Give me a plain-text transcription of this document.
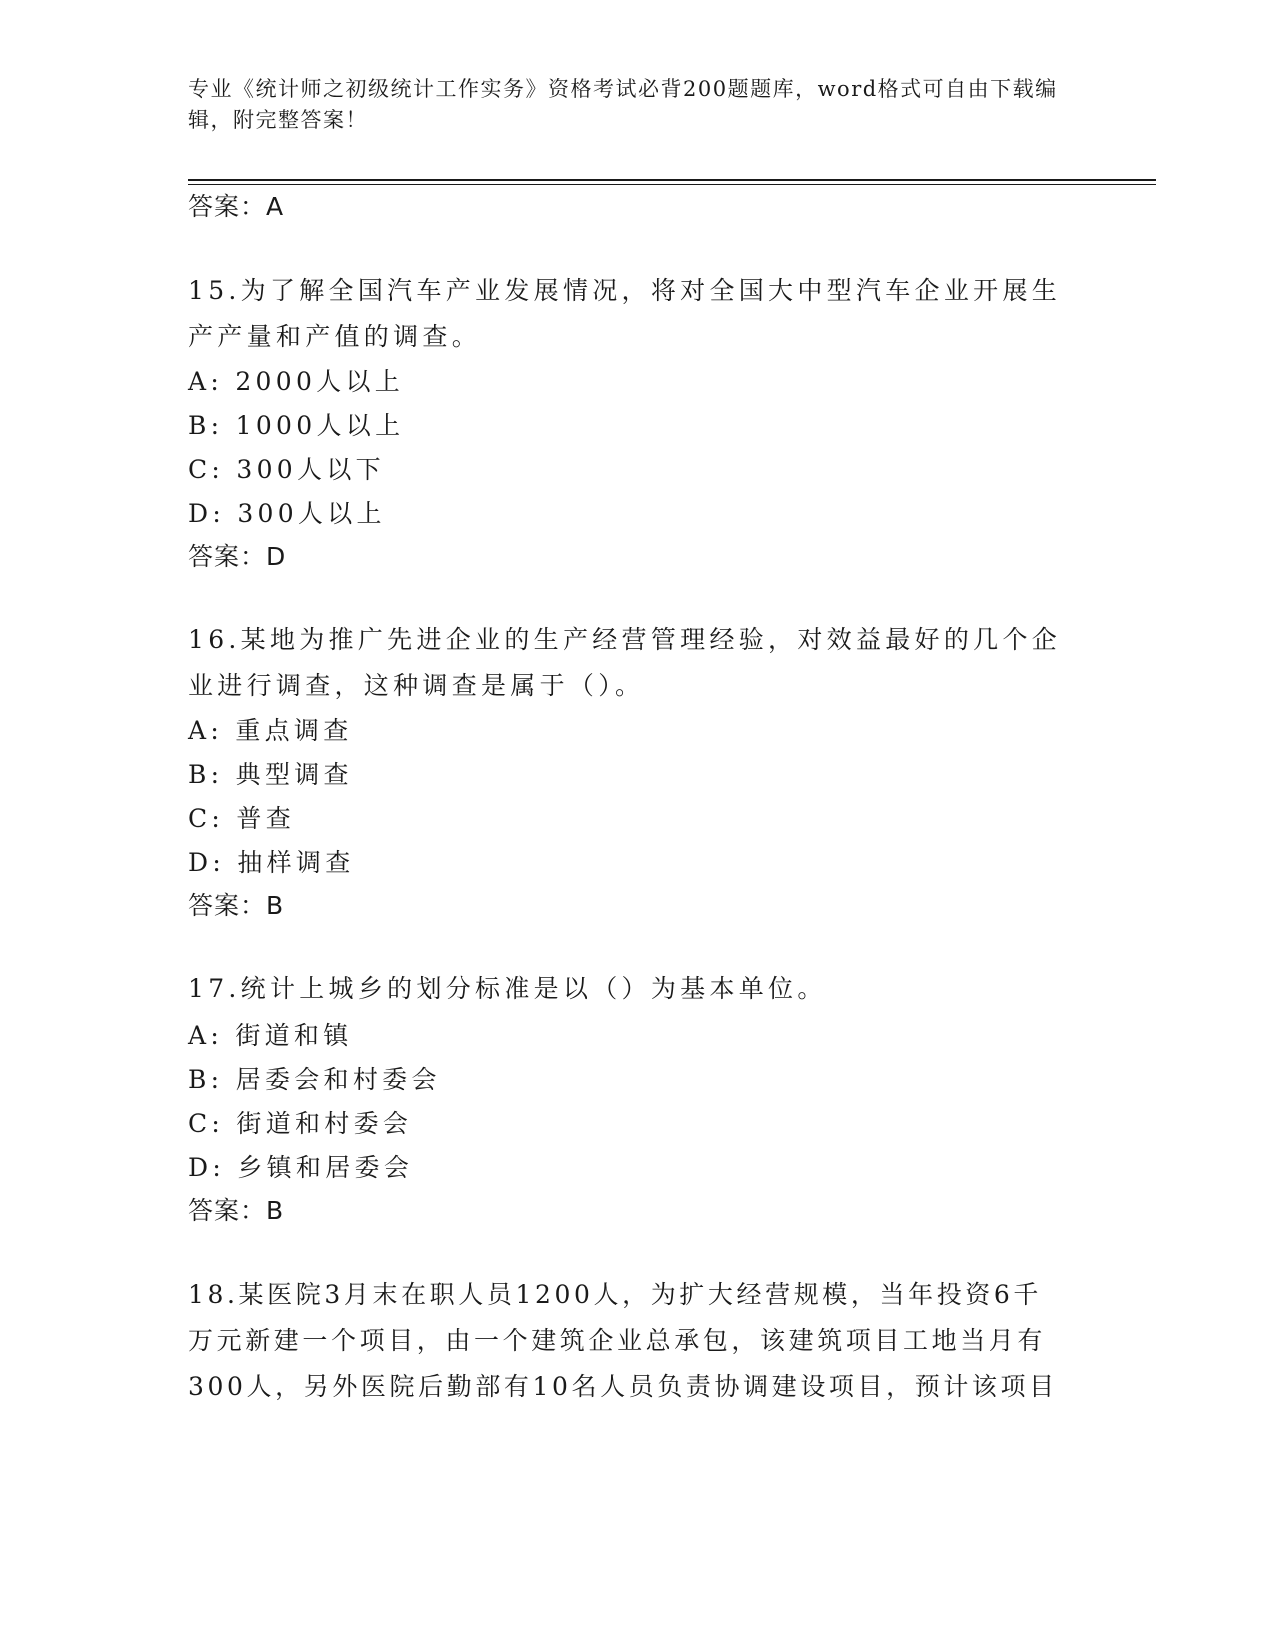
专业《统计师之初级统计工作实务》资格考试必背200题题库，word格式可自由下载编辑，附完整答案！
答案：A
15.为了解全国汽车产业发展情况，将对全国大中型汽车企业开展生产产量和产值的调查。
A: 2000人以上
B: 1000人以上
C: 300人以下
D: 300人以上
答案：D
16.某地为推广先进企业的生产经营管理经验，对效益最好的几个企业进行调查，这种调查是属于（）。
A: 重点调查
B: 典型调查
C: 普查
D: 抽样调查
答案：B
17.统计上城乡的划分标准是以（）为基本单位。
A: 街道和镇
B: 居委会和村委会
C: 街道和村委会
D: 乡镇和居委会
答案：B
18.某医院3月末在职人员1200人，为扩大经营规模，当年投资6千万元新建一个项目，由一个建筑企业总承包，该建筑项目工地当月有300人，另外医院后勤部有10名人员负责协调建设项目，预计该项目
